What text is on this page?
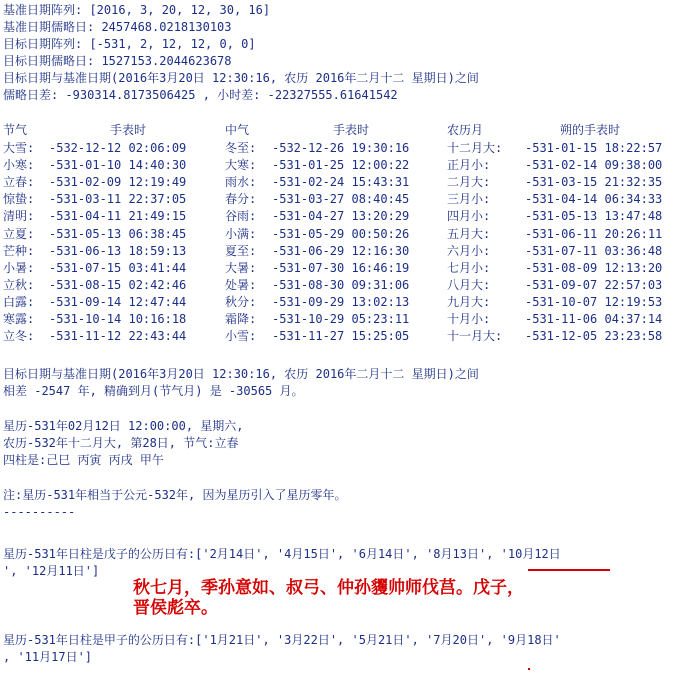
基准日期阵列: [2016, 3, 20, 12, 30, 16]
基准日期儒略日: 2457468.0218130103
目标日期阵列: [-531, 2, 12, 12, 0, 0]
目标日期儒略日: 1527153.2044623678
目标日期与基准日期(2016年3月20日 12:30:16, 农历 2016年二月十二 星期日)之间
儒略日差: -930314.8173506425 , 小时差: -22327555.61641542
节气	手表时	中气	手表时	农历月	朔的手表时
大雪: -532-12-12 02:06:09	冬至: -532-12-26 19:30:16	十二月大: -531-01-15 18:22:57
小寒: -531-01-10 14:40:30	大寒: -531-01-25 12:00:22	正月小:	-531-02-14 09:38:00
立春: -531-02-09 12:19:49	雨水: -531-02-24 15:43:31	二月大:	-531-03-15 21:32:35
惊蛰: -531-03-11 22:37:05	春分: -531-03-27 08:40:45	三月小:	-531-04-14 06:34:33
清明: -531-04-11 21:49:15	谷雨: -531-04-27 13:20:29	四月小:	-531-05-13 13:47:48
立夏: -531-05-13 06:38:45	小满: -531-05-29 00:50:26	五月大:	-531-06-11 20:26:11
芒种: -531-06-13 18:59:13	夏至: -531-06-29 12:16:30	六月小:	-531-07-11 03:36:48
小暑: -531-07-15 03:41:44	大暑: -531-07-30 16:46:19	七月小:	-531-08-09 12:13:20
立秋: -531-08-15 02:42:46	处暑: -531-08-30 09:31:06	八月大:	-531-09-07 22:57:03
白露: -531-09-14 12:47:44	秋分: -531-09-29 13:02:13	九月大:	-531-10-07 12:19:53
寒露: -531-10-14 10:16:18	霜降: -531-10-29 05:23:11	十月小:	-531-11-06 04:37:14
立冬: -531-11-12 22:43:44	小雪: -531-11-27 15:25:05	十一月大: -531-12-05 23:23:58
目标日期与基准日期(2016年3月20日 12:30:16, 农历 2016年二月十二 星期日)之间
相差 -2547 年, 精确到月(节气月) 是 -30565 月。
星历-531年02月12日 12:00:00, 星期六,
农历-532年十二月大, 第28日, 节气:立春
四柱是:己巳 丙寅 丙戌 甲午
注:星历-531年相当于公元-532年, 因为星历引入了星历零年。
----------
星历-531年日柱是戊子的公历日有:['2月14日', '4月15日', '6月14日', '8月13日', '10月12日
', '12月11日']
秋七月，季孙意如、叔弓、仲孙貜帅师伐莒。戊子，
晋侯彪卒。
星历-531年日柱是甲子的公历日有:['1月21日', '3月22日', '5月21日', '7月20日', '9月18日'
, '11月17日']
